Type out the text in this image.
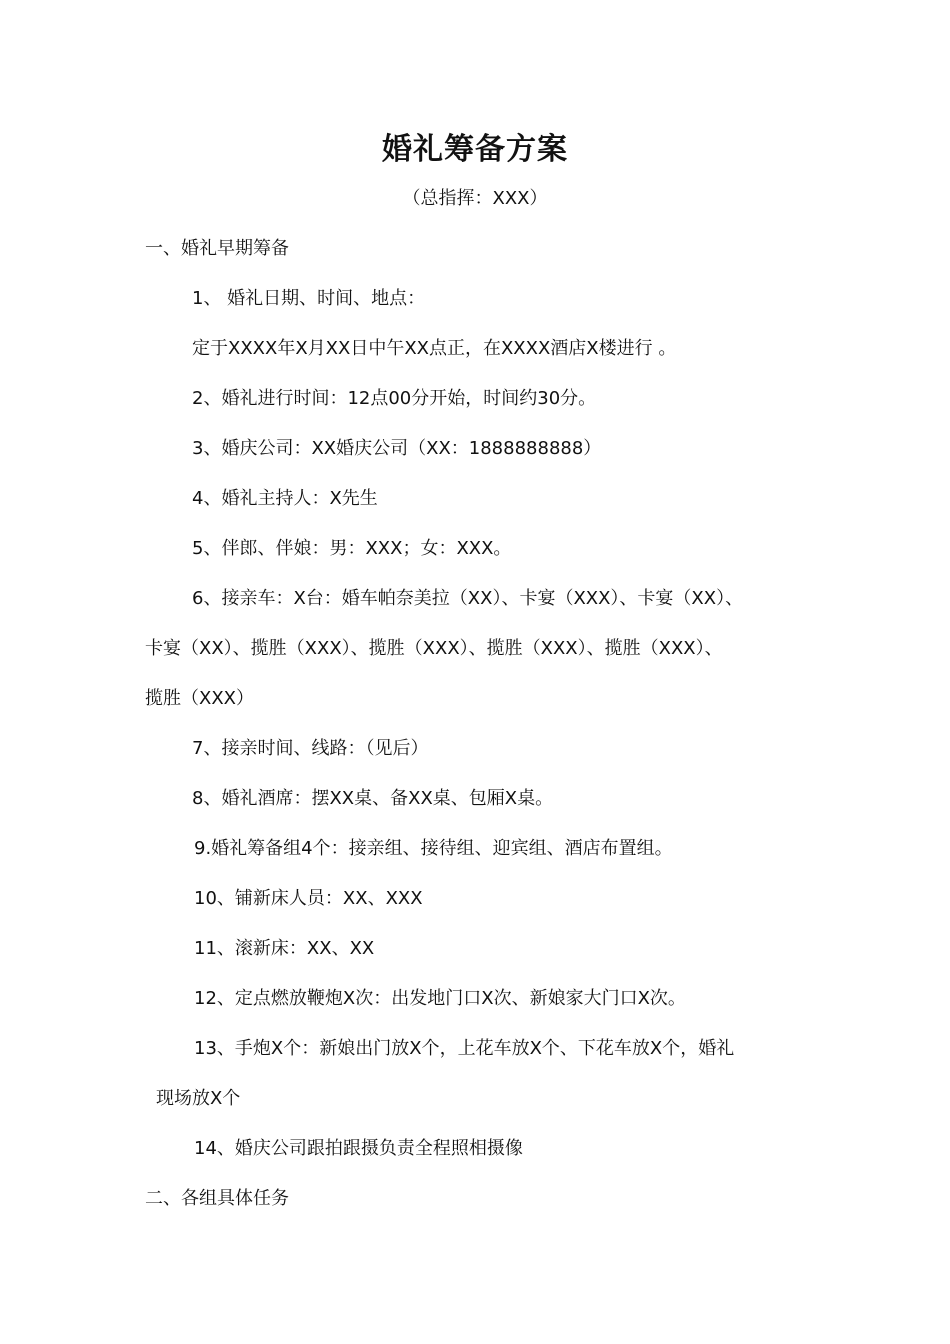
婚礼筹备方案
（总指挥：XXX）
一、婚礼早期筹备
1、 婚礼日期、时间、地点：
定于XXXX年X月XX日中午XX点正，在XXXX酒店X楼进行 。
2、婚礼进行时间：12点00分开始，时间约30分。
3、婚庆公司：XX婚庆公司（XX：1888888888）
4、婚礼主持人：X先生
5、伴郎、伴娘：男：XXX；女：XXX。
6、接亲车：X台：婚车帕奈美拉（XX）、卡宴（XXX）、卡宴（XX）、
卡宴（XX）、揽胜（XXX）、揽胜（XXX）、揽胜（XXX）、揽胜（XXX）、
揽胜（XXX）
7、接亲时间、线路：（见后）
8、婚礼酒席：摆XX桌、备XX桌、包厢X桌。
9.婚礼筹备组4个：接亲组、接待组、迎宾组、酒店布置组。
10、铺新床人员：XX、XXX
11、滚新床：XX、XX
12、定点燃放鞭炮X次：出发地门口X次、新娘家大门口X次。
13、手炮X个：新娘出门放X个，上花车放X个、下花车放X个，婚礼
现场放X个
14、婚庆公司跟拍跟摄负责全程照相摄像
二、各组具体任务
